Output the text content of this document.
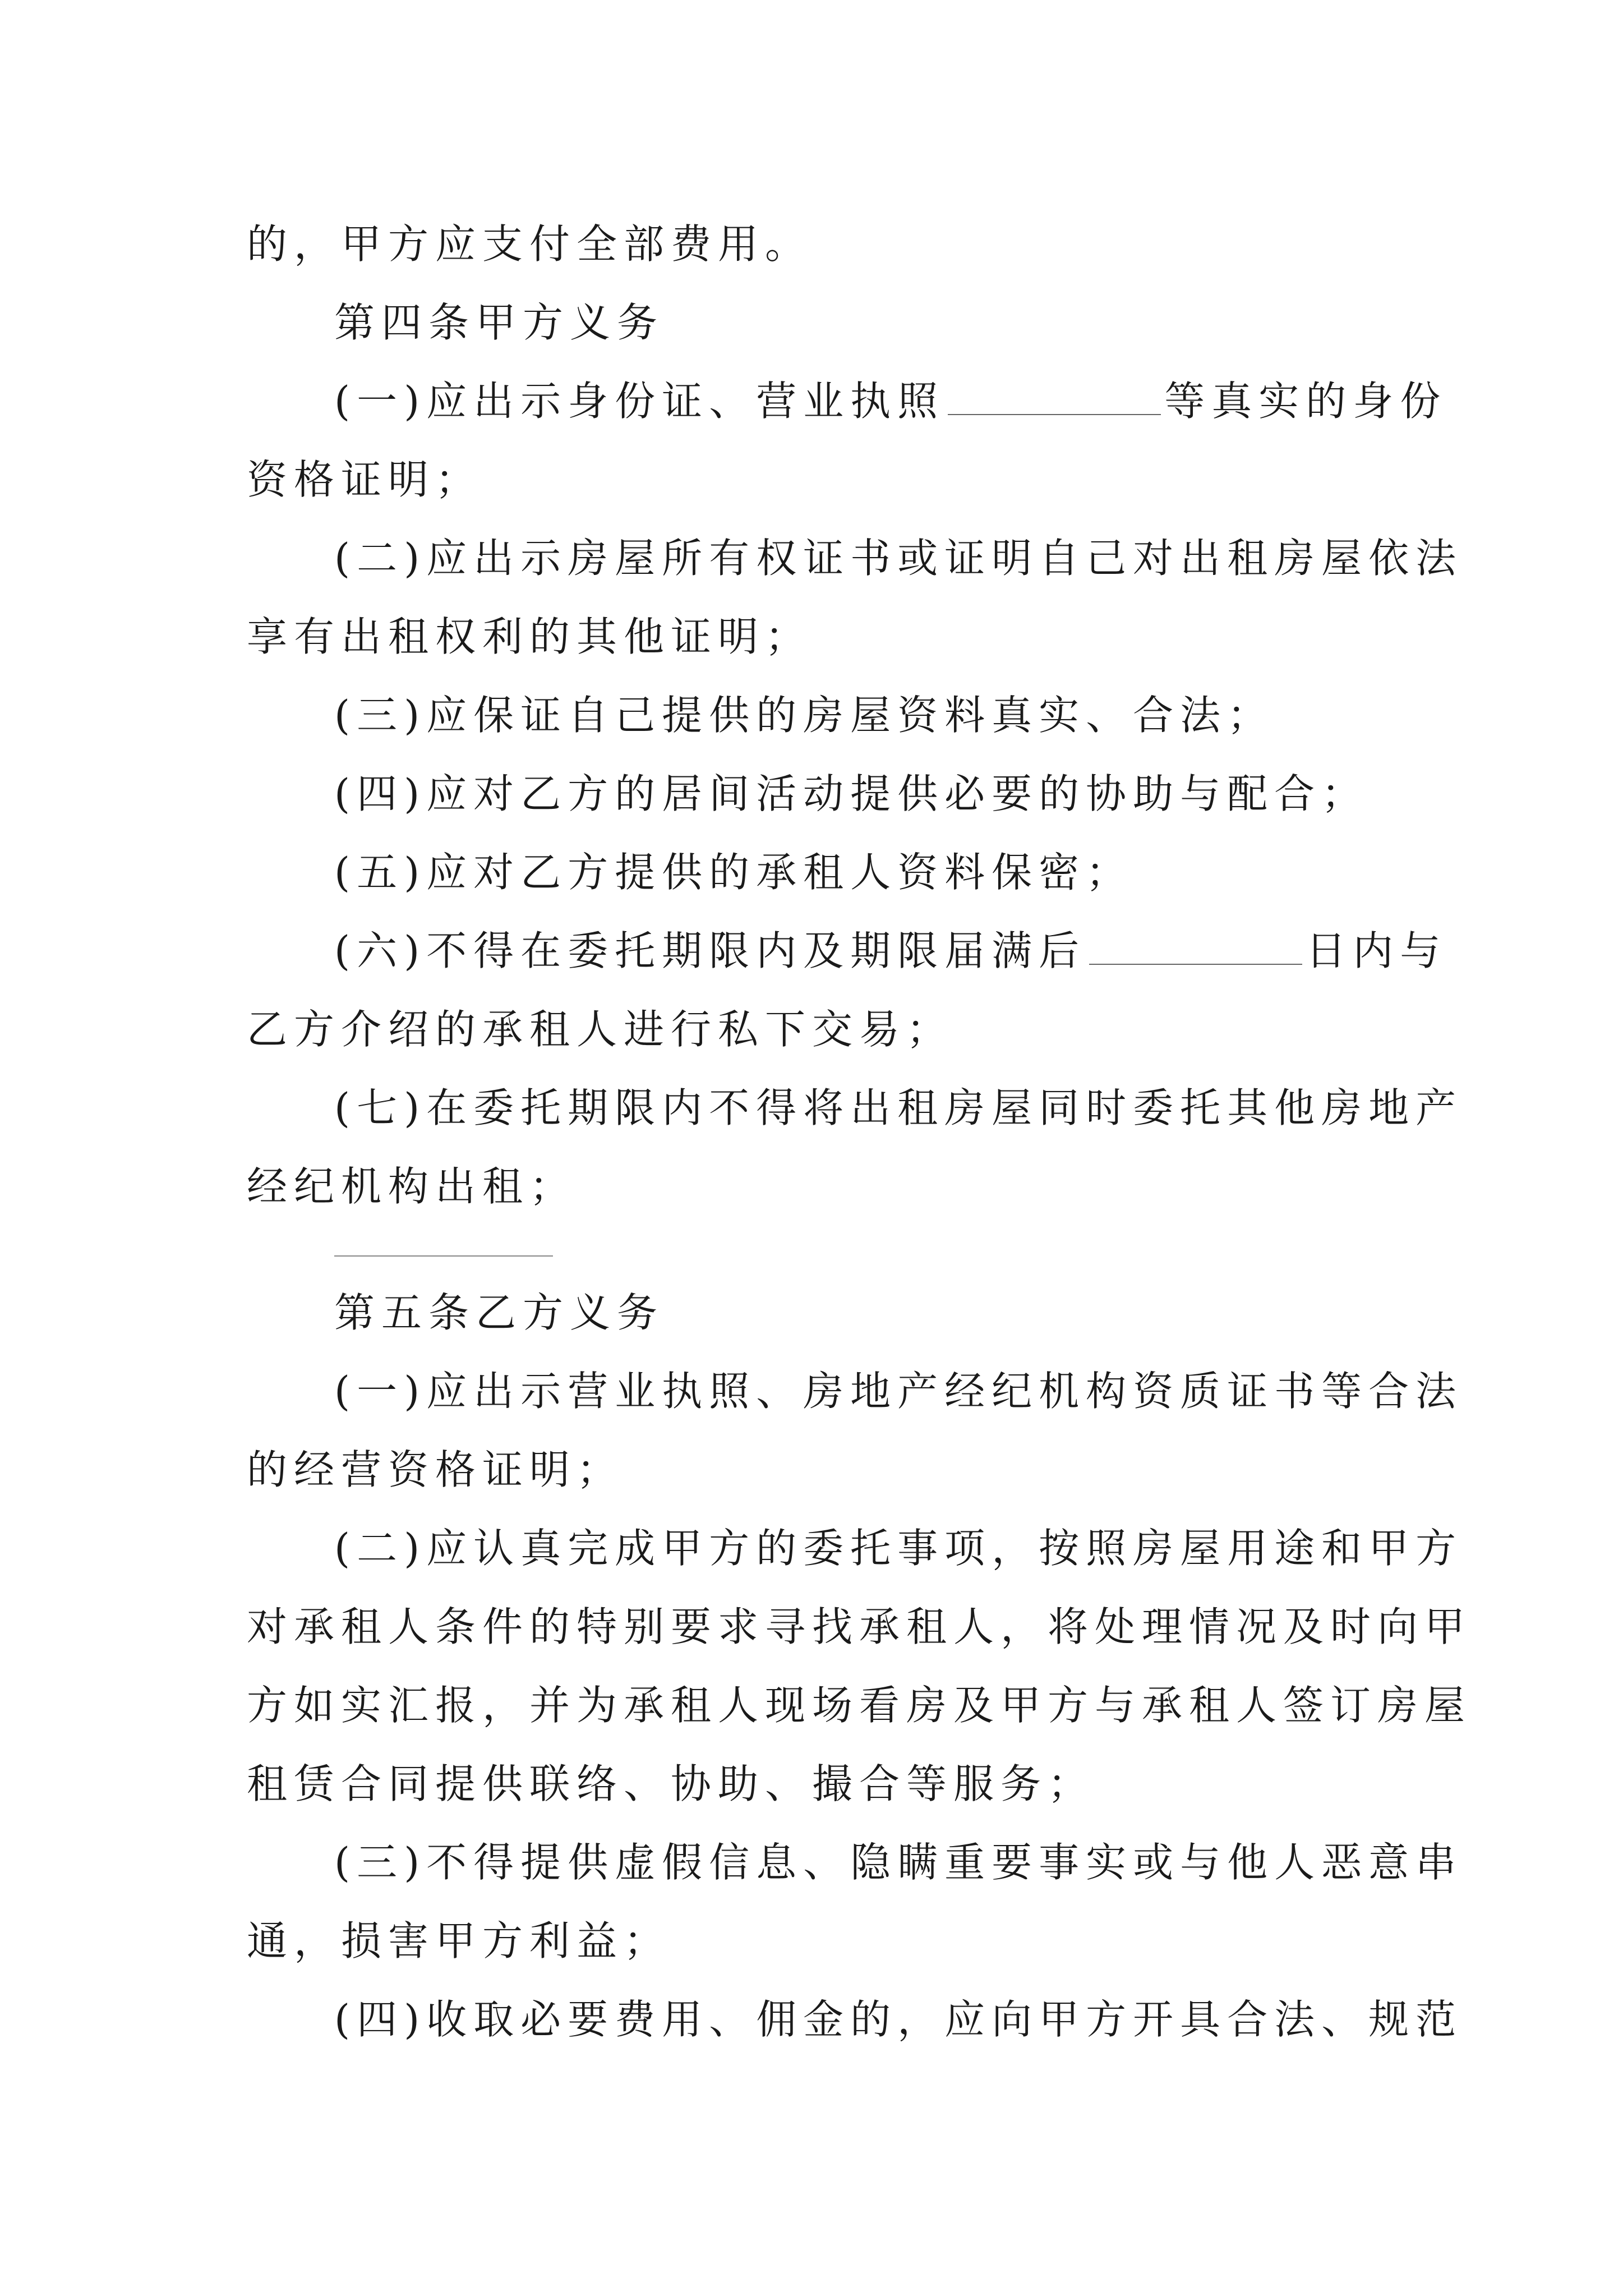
的，甲方应支付全部费用。
第四条甲方义务
(一)应出示身份证、营业执照	等真实的身份
资格证明；
(二)应出示房屋所有权证书或证明自己对出租房屋依法
享有出租权利的其他证明；
(三)应保证自己提供的房屋资料真实、合法；
(四)应对乙方的居间活动提供必要的协助与配合；
(五)应对乙方提供的承租人资料保密；
(六)不得在委托期限内及期限届满后	日内与
乙方介绍的承租人进行私下交易；
(七)在委托期限内不得将出租房屋同时委托其他房地产
经纪机构出租；
第五条乙方义务
(一)应出示营业执照、房地产经纪机构资质证书等合法
的经营资格证明；
(二)应认真完成甲方的委托事项，按照房屋用途和甲方
对承租人条件的特别要求寻找承租人，将处理情况及时向甲
方如实汇报，并为承租人现场看房及甲方与承租人签订房屋
租赁合同提供联络、协助、撮合等服务；
(三)不得提供虚假信息、隐瞒重要事实或与他人恶意串
通，损害甲方利益；
(四)收取必要费用、佣金的，应向甲方开具合法、规范
